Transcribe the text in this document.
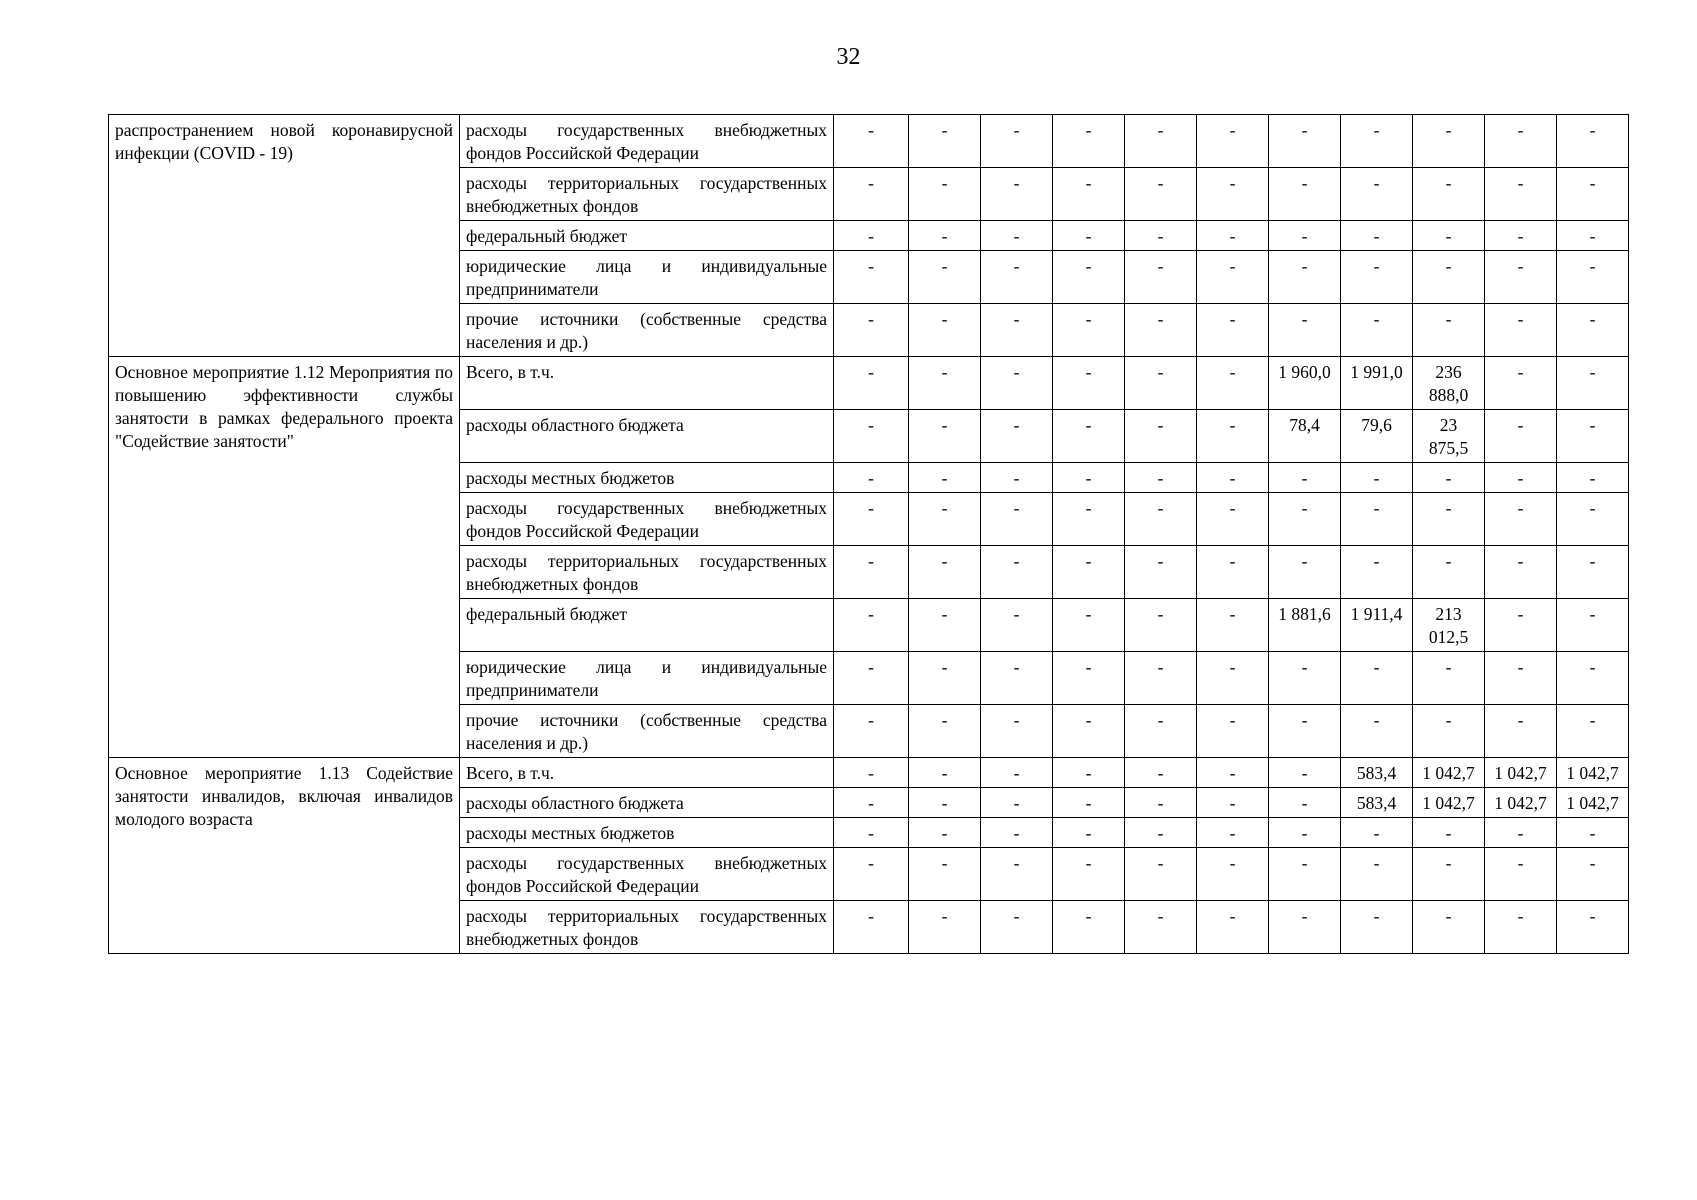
32
распространением новой коронавирусной инфекции (COVID - 19)	расходы государственных внебюджетных фондов Российской Федерации	-	-	-	-	-	-	-	-	-	-	-
	расходы территориальных государственных внебюджетных фондов	-	-	-	-	-	-	-	-	-	-	-
	федеральный бюджет	-	-	-	-	-	-	-	-	-	-	-
	юридические лица и индивидуальные предприниматели	-	-	-	-	-	-	-	-	-	-	-
	прочие источники (собственные средства населения и др.)	-	-	-	-	-	-	-	-	-	-	-
Основное мероприятие 1.12 Мероприятия по повышению эффективности службы занятости в рамках федерального проекта "Содействие занятости"	Всего, в т.ч.	-	-	-	-	-	-	1 960,0	1 991,0	236 888,0	-	-
	расходы областного бюджета	-	-	-	-	-	-	78,4	79,6	23 875,5	-	-
	расходы местных бюджетов	-	-	-	-	-	-	-	-	-	-	-
	расходы государственных внебюджетных фондов Российской Федерации	-	-	-	-	-	-	-	-	-	-	-
	расходы территориальных государственных внебюджетных фондов	-	-	-	-	-	-	-	-	-	-	-
	федеральный бюджет	-	-	-	-	-	-	1 881,6	1 911,4	213 012,5	-	-
	юридические лица и индивидуальные предприниматели	-	-	-	-	-	-	-	-	-	-	-
	прочие источники (собственные средства населения и др.)	-	-	-	-	-	-	-	-	-	-	-
Основное мероприятие 1.13 Содействие занятости инвалидов, включая инвалидов молодого возраста	Всего, в т.ч.	-	-	-	-	-	-	-	583,4	1 042,7	1 042,7	1 042,7
	расходы областного бюджета	-	-	-	-	-	-	-	583,4	1 042,7	1 042,7	1 042,7
	расходы местных бюджетов	-	-	-	-	-	-	-	-	-	-	-
	расходы государственных внебюджетных фондов Российской Федерации	-	-	-	-	-	-	-	-	-	-	-
	расходы территориальных государственных внебюджетных фондов	-	-	-	-	-	-	-	-	-	-	-
